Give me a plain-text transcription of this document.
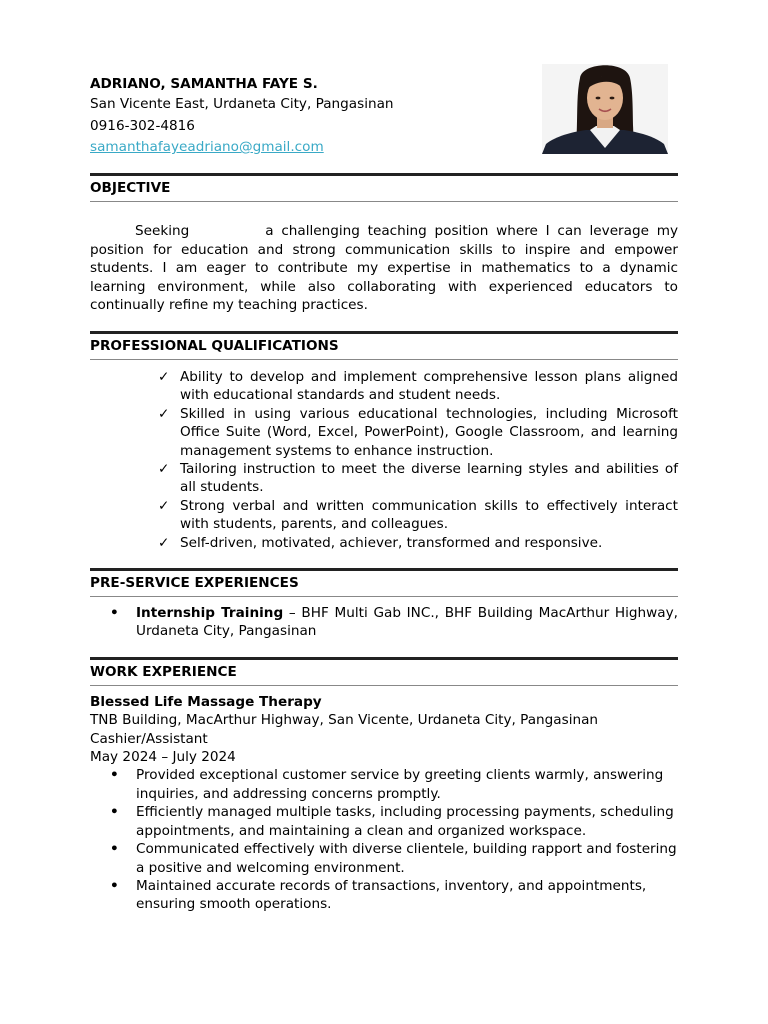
ADRIANO, SAMANTHA FAYE S.
San Vicente East, Urdaneta City, Pangasinan
0916-302-4816
samanthafayeadriano@gmail.com
OBJECTIVE
Seeking	a challenging teaching position where I can leverage my position for education and strong communication skills to inspire and empower students. I am eager to contribute my expertise in mathematics to a dynamic learning environment, while also collaborating with experienced educators to continually refine my teaching practices.
PROFESSIONAL QUALIFICATIONS
✓ Ability to develop and implement comprehensive lesson plans aligned with educational standards and student needs.
✓ Skilled in using various educational technologies, including Microsoft Office Suite (Word, Excel, PowerPoint), Google Classroom, and learning management systems to enhance instruction.
✓ Tailoring instruction to meet the diverse learning styles and abilities of all students.
✓ Strong verbal and written communication skills to effectively interact with students, parents, and colleagues.
✓ Self-driven, motivated, achiever, transformed and responsive.
PRE-SERVICE EXPERIENCES
• Internship Training – BHF Multi Gab INC., BHF Building MacArthur Highway, Urdaneta City, Pangasinan
WORK EXPERIENCE
Blessed Life Massage Therapy
TNB Building, MacArthur Highway, San Vicente, Urdaneta City, Pangasinan
Cashier/Assistant
May 2024 – July 2024
• Provided exceptional customer service by greeting clients warmly, answering inquiries, and addressing concerns promptly.
• Efficiently managed multiple tasks, including processing payments, scheduling appointments, and maintaining a clean and organized workspace.
• Communicated effectively with diverse clientele, building rapport and fostering a positive and welcoming environment.
• Maintained accurate records of transactions, inventory, and appointments, ensuring smooth operations.
